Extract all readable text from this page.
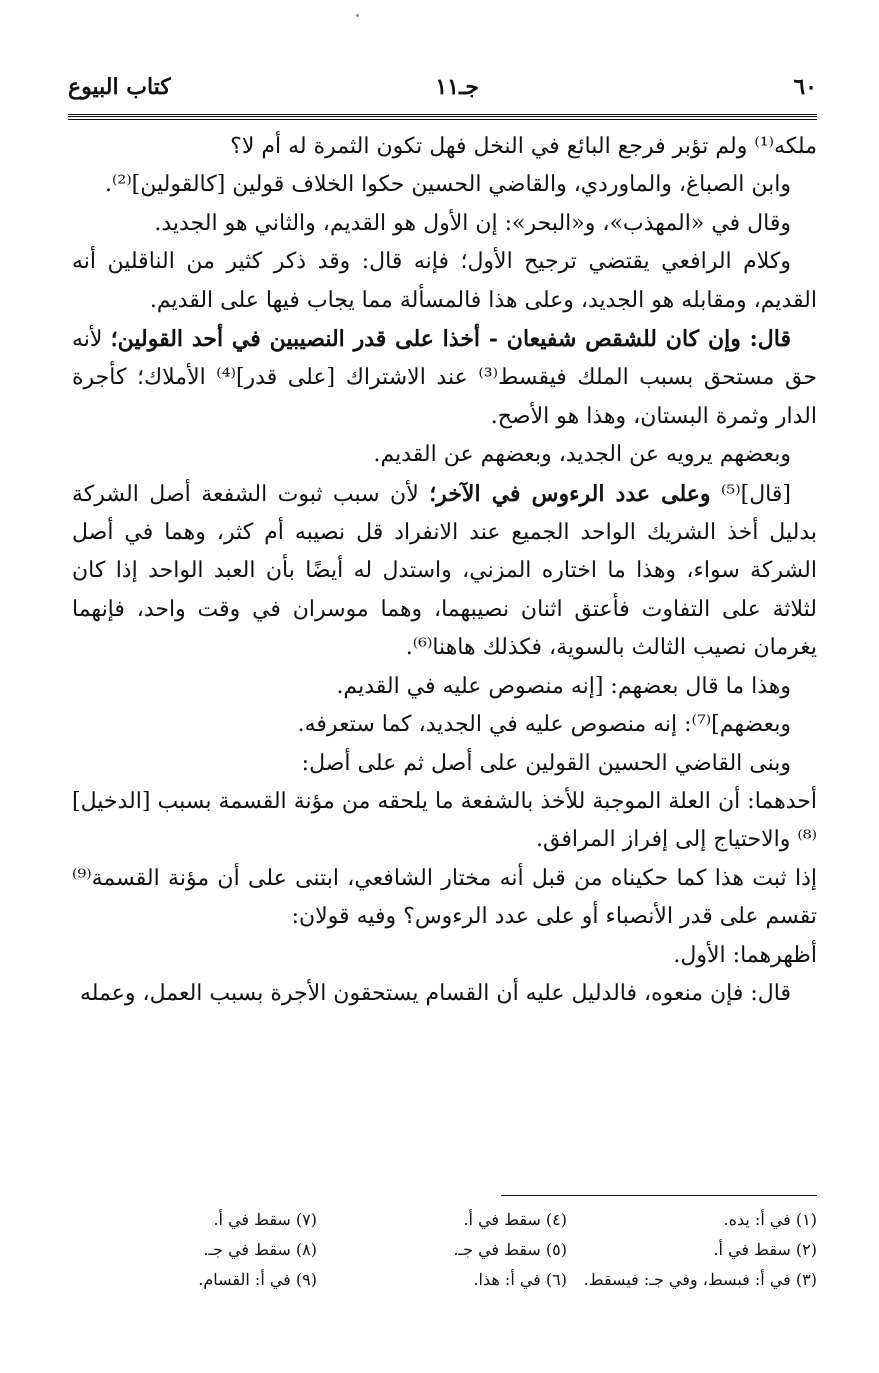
٦٠
جـ١١
كتاب البيوع

ملكه⁽¹⁾ ولم تؤبر فرجع البائع في النخل فهل تكون الثمرة له أم لا؟

وابن الصباغ، والماوردي، والقاضي الحسين حكوا الخلاف قولين [كالقولين]⁽²⁾.

وقال في «المهذب»، و«البحر»: إن الأول هو القديم، والثاني هو الجديد.

وكلام الرافعي يقتضي ترجيح الأول؛ فإنه قال: وقد ذكر كثير من الناقلين أنه القديم، ومقابله هو الجديد، وعلى هذا فالمسألة مما يجاب فيها على القديم.

قال: وإن كان للشقص شفيعان - أخذا على قدر النصيبين في أحد القولين؛ لأنه حق مستحق بسبب الملك فيقسط⁽³⁾ عند الاشتراك [على قدر]⁽⁴⁾ الأملاك؛ كأجرة الدار وثمرة البستان، وهذا هو الأصح.

وبعضهم يرويه عن الجديد، وبعضهم عن القديم.

[قال]⁽⁵⁾ وعلى عدد الرءوس في الآخر؛ لأن سبب ثبوت الشفعة أصل الشركة بدليل أخذ الشريك الواحد الجميع عند الانفراد قل نصيبه أم كثر، وهما في أصل الشركة سواء، وهذا ما اختاره المزني، واستدل له أيضًا بأن العبد الواحد إذا كان لثلاثة على التفاوت فأعتق اثنان نصيبهما، وهما موسران في وقت واحد، فإنهما يغرمان نصيب الثالث بالسوية، فكذلك هاهنا⁽⁶⁾.

وهذا ما قال بعضهم: [إنه منصوص عليه في القديم.

وبعضهم]⁽⁷⁾: إنه منصوص عليه في الجديد، كما ستعرفه.

وبنى القاضي الحسين القولين على أصل ثم على أصل:

أحدهما: أن العلة الموجبة للأخذ بالشفعة ما يلحقه من مؤنة القسمة بسبب [الدخيل]⁽⁸⁾ والاحتياج إلى إفراز المرافق.

إذا ثبت هذا كما حكيناه من قبل أنه مختار الشافعي، ابتنى على أن مؤنة القسمة⁽⁹⁾ تقسم على قدر الأنصباء أو على عدد الرءوس؟ وفيه قولان:

أظهرهما: الأول.

قال: فإن منعوه، فالدليل عليه أن القسام يستحقون الأجرة بسبب العمل، وعمله

(١) في أ: يده.
(٤) سقط في أ.
(٧) سقط في أ.
(٢) سقط في أ.
(٥) سقط في جـ.
(٨) سقط في جـ.
(٣) في أ: فبسط، وفي جـ: فيسقط.
(٦) في أ: هذا.
(٩) في أ: القسام.
